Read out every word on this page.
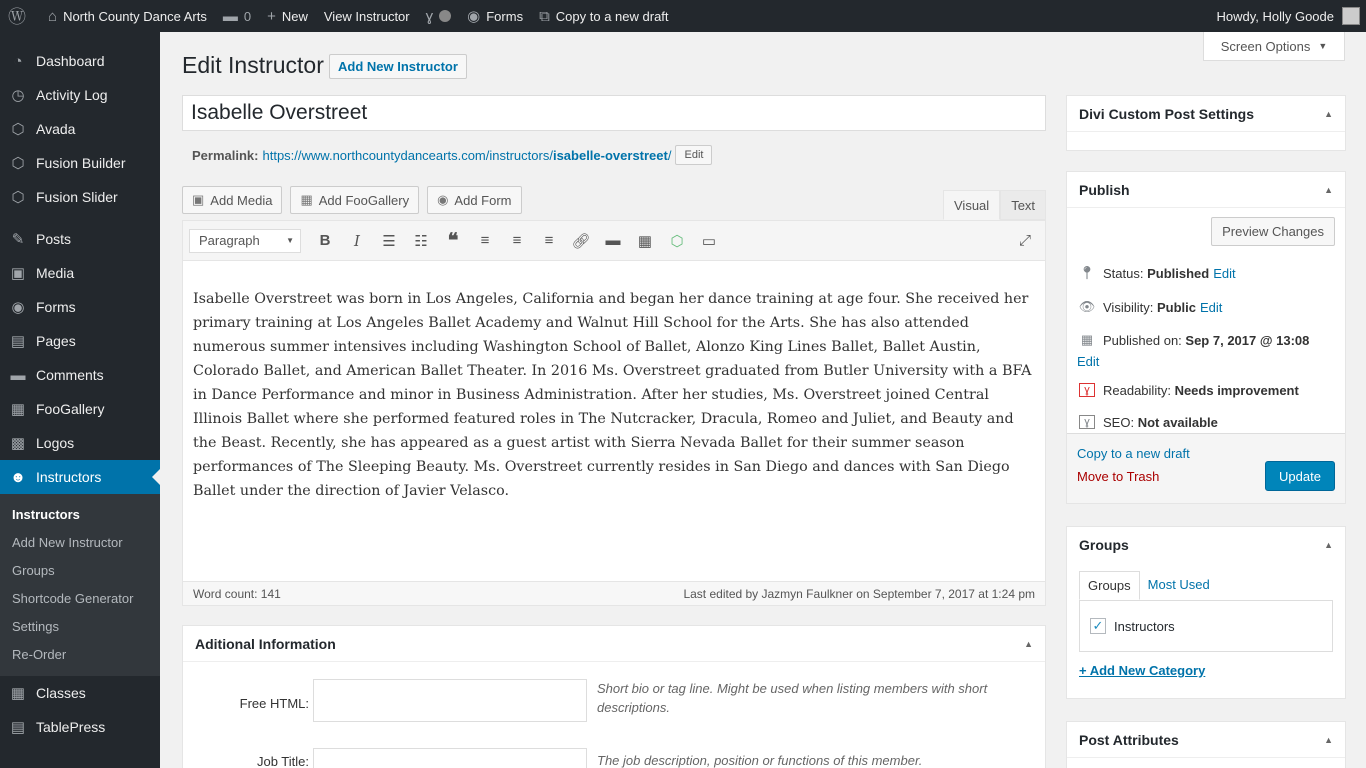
Ⓦ ⌂ North County Dance Arts ▬ 0 + New View Instructor ɣ ◉ Forms ⧉ Copy to a new draft	Howdy, Holly Goode
◔ Dashboard
◷ Activity Log
⬡ Avada
⬡ Fusion Builder
⬡ Fusion Slider
✎ Posts
▣ Media
◉ Forms
▤ Pages
▬ Comments
▦ FooGallery
▩ Logos
☻ Instructors
Instructors
Add New Instructor
Groups
Shortcode Generator
Settings
Re-Order
▦ Classes
▤ TablePress
Screen Options ▼
Edit Instructor	Add New Instructor
Isabelle Overstreet
Permalink: https://www.northcountydancearts.com/instructors/isabelle-overstreet/	Edit
▣ Add Media ▦ Add FooGallery ◉ Add Form	Visual	Text
Paragraph	▼	B	I	☰	☷ ❝	≡	≡	≡	🔗︎ ▬	▦	⬡	▭	⤢
Isabelle Overstreet was born in Los Angeles, California and began her dance training at age four. She received her primary training at Los Angeles Ballet Academy and Walnut Hill School for the Arts. She has also attended numerous summer intensives including Washington School of Ballet, Alonzo King Lines Ballet, Ballet Austin, Colorado Ballet, and American Ballet Theater. In 2016 Ms. Overstreet graduated from Butler University with a BFA in Dance Performance and minor in Business Administration. After her studies, Ms. Overstreet joined Central Illinois Ballet where she performed featured roles in The Nutcracker, Dracula, Romeo and Juliet, and Beauty and the Beast. Recently, she has appeared as a guest artist with Sierra Nevada Ballet for their summer season performances of The Sleeping Beauty. Ms. Overstreet currently resides in San Diego and dances with San Diego Ballet under the direction of Javier Velasco.
Word count: 141	Last edited by Jazmyn Faulkner on September 7, 2017 at 1:24 pm
Aditional Information	▲
Free HTML:
Short bio or tag line. Might be used when listing members with short descriptions.
Job Title:	The job description, position or functions of this member.
Divi Custom Post Settings	▲
Publish	▲
Preview Changes
📍︎ Status:
Published Edit
👁︎ Visibility:
Public Edit
▦ Published on:
Sep 7, 2017 @ 13:08
Edit
ɣ	Readability:
Needs improvement
ɣ	SEO:
Not available
Copy to a new draft
Move to Trash	Update
Groups	▲
Groups	Most Used
✓ Instructors
+ Add New Category
Post Attributes	▲
